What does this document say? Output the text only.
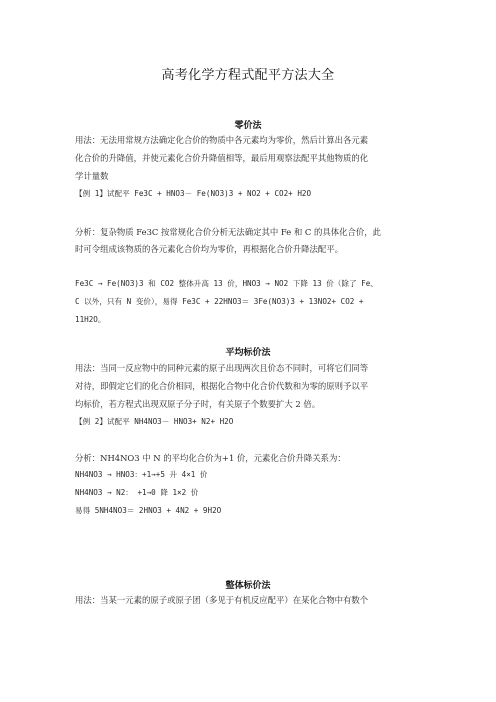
高考化学方程式配平方法大全
零价法
用法：无法用常规方法确定化合价的物质中各元素均为零价，然后计算出各元素
化合价的升降值，并使元素化合价升降值相等，最后用观察法配平其他物质的化
学计量数
【例 1】试配平 Fe3C + HNO3－ Fe(NO3)3 + NO2 + CO2+ H2O
分析：复杂物质 Fe3C 按常规化合价分析无法确定其中 Fe 和 C 的具体化合价，此
时可令组成该物质的各元素化合价均为零价，再根据化合价升降法配平。
Fe3C → Fe(NO3)3 和 CO2 整体升高 13 价，HNO3 → NO2 下降 13 价（除了 Fe、
C 以外，只有 N 变价），易得 Fe3C + 22HNO3＝ 3Fe(NO3)3 + 13NO2+ CO2 +
11H2O。
平均标价法
用法：当同一反应物中的同种元素的原子出现两次且价态不同时，可将它们同等
对待，即假定它们的化合价相同，根据化合物中化合价代数和为零的原则予以平
均标价，若方程式出现双原子分子时，有关原子个数要扩大 2 倍。
【例 2】试配平 NH4NO3－ HNO3+ N2+ H2O
分析：NH4NO3 中 N 的平均化合价为+1 价，元素化合价升降关系为：
NH4NO3 → HNO3：+1→+5 升 4×1 价
NH4NO3 → N2： +1→0 降 1×2 价
易得 5NH4NO3＝ 2HNO3 + 4N2 + 9H2O
整体标价法
用法：当某一元素的原子或原子团（多见于有机反应配平）在某化合物中有数个
